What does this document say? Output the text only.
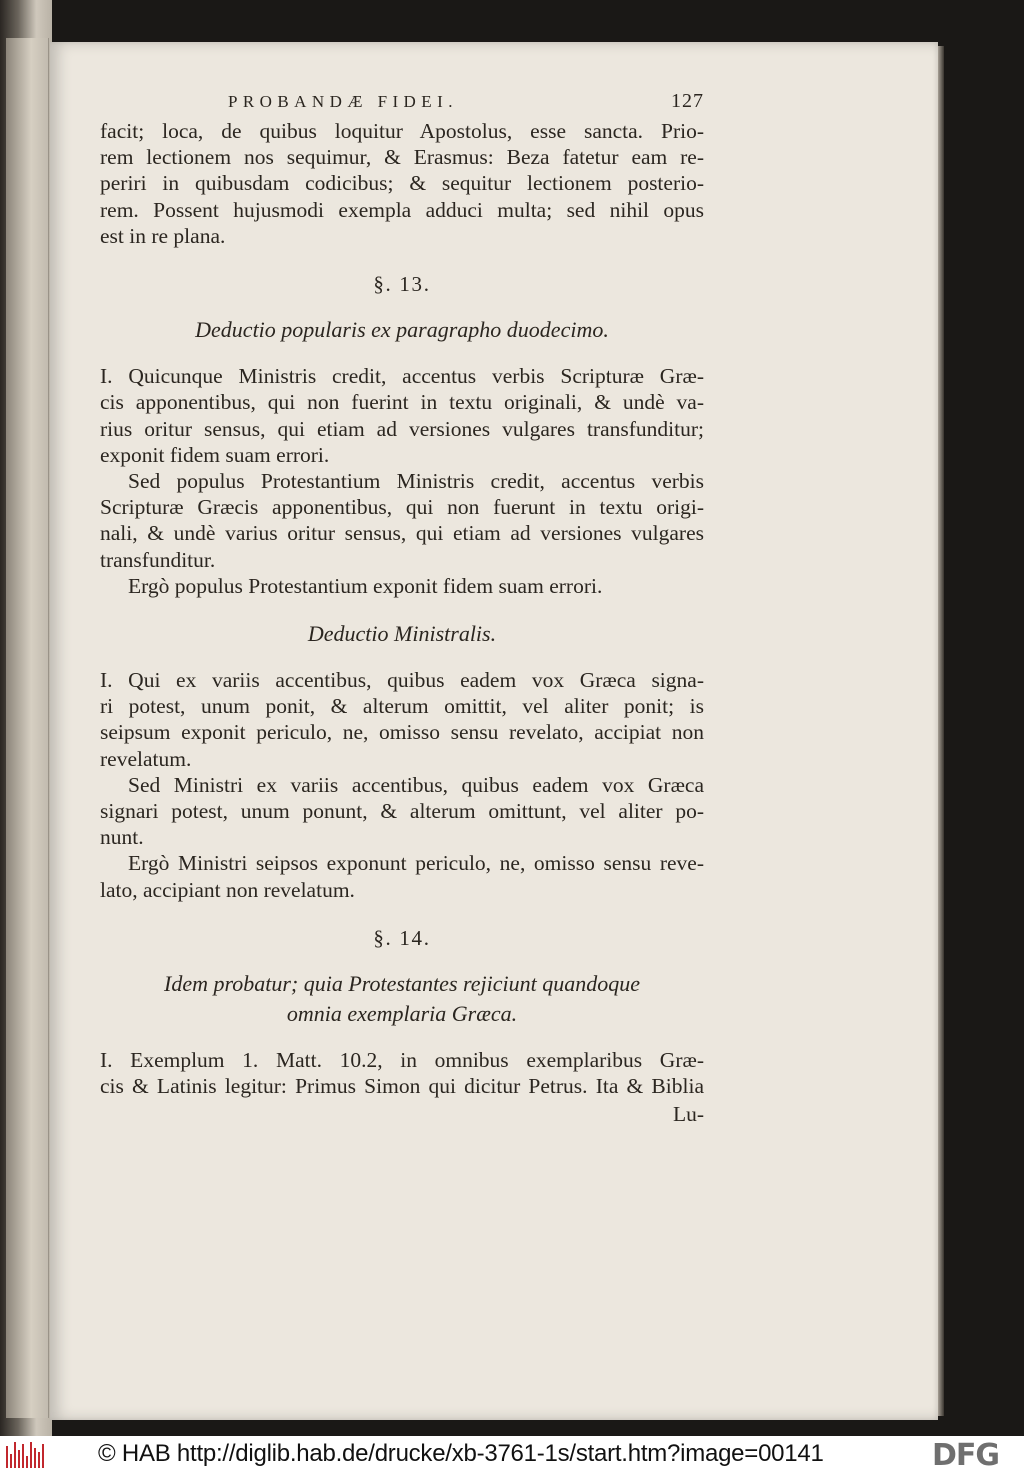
PROBANDÆ FIDEI.	127

facit; loca, de quibus loquitur Apostolus, esse sancta. Prio-
rem lectionem nos sequimur, & Erasmus: Beza fatetur eam re-
periri in quibusdam codicibus; & sequitur lectionem posterio-
rem. Possent hujusmodi exempla adduci multa; sed nihil opus
est in re plana.

§. 13.
Deductio popularis ex paragrapho duodecimo.

I. Quicunque Ministris credit, accentus verbis Scripturæ Græ-
cis apponentibus, qui non fuerint in textu originali, & undè va-
rius oritur sensus, qui etiam ad versiones vulgares transfunditur;
exponit fidem suam errori.

Sed populus Protestantium Ministris credit, accentus verbis
Scripturæ Græcis apponentibus, qui non fuerunt in textu origi-
nali, & undè varius oritur sensus, qui etiam ad versiones vulgares
transfunditur.

Ergò populus Protestantium exponit fidem suam errori.

Deductio Ministralis.

I. Qui ex variis accentibus, quibus eadem vox Græca signa-
ri potest, unum ponit, & alterum omittit, vel aliter ponit; is
seipsum exponit periculo, ne, omisso sensu revelato, accipiat non
revelatum.

Sed Ministri ex variis accentibus, quibus eadem vox Græca
signari potest, unum ponunt, & alterum omittunt, vel aliter po-
nunt.

Ergò Ministri seipsos exponunt periculo, ne, omisso sensu reve-
lato, accipiant non revelatum.

§. 14.
Idem probatur; quia Protestantes rejiciunt quandoque
omnia exemplaria Græca.

I. Exemplum 1. Matt. 10.2, in omnibus exemplaribus Græ-
cis & Latinis legitur: Primus Simon qui dicitur Petrus. Ita & Biblia

Lu-
© HAB http://diglib.hab.de/drucke/xb-3761-1s/start.htm?image=00141	DFG
